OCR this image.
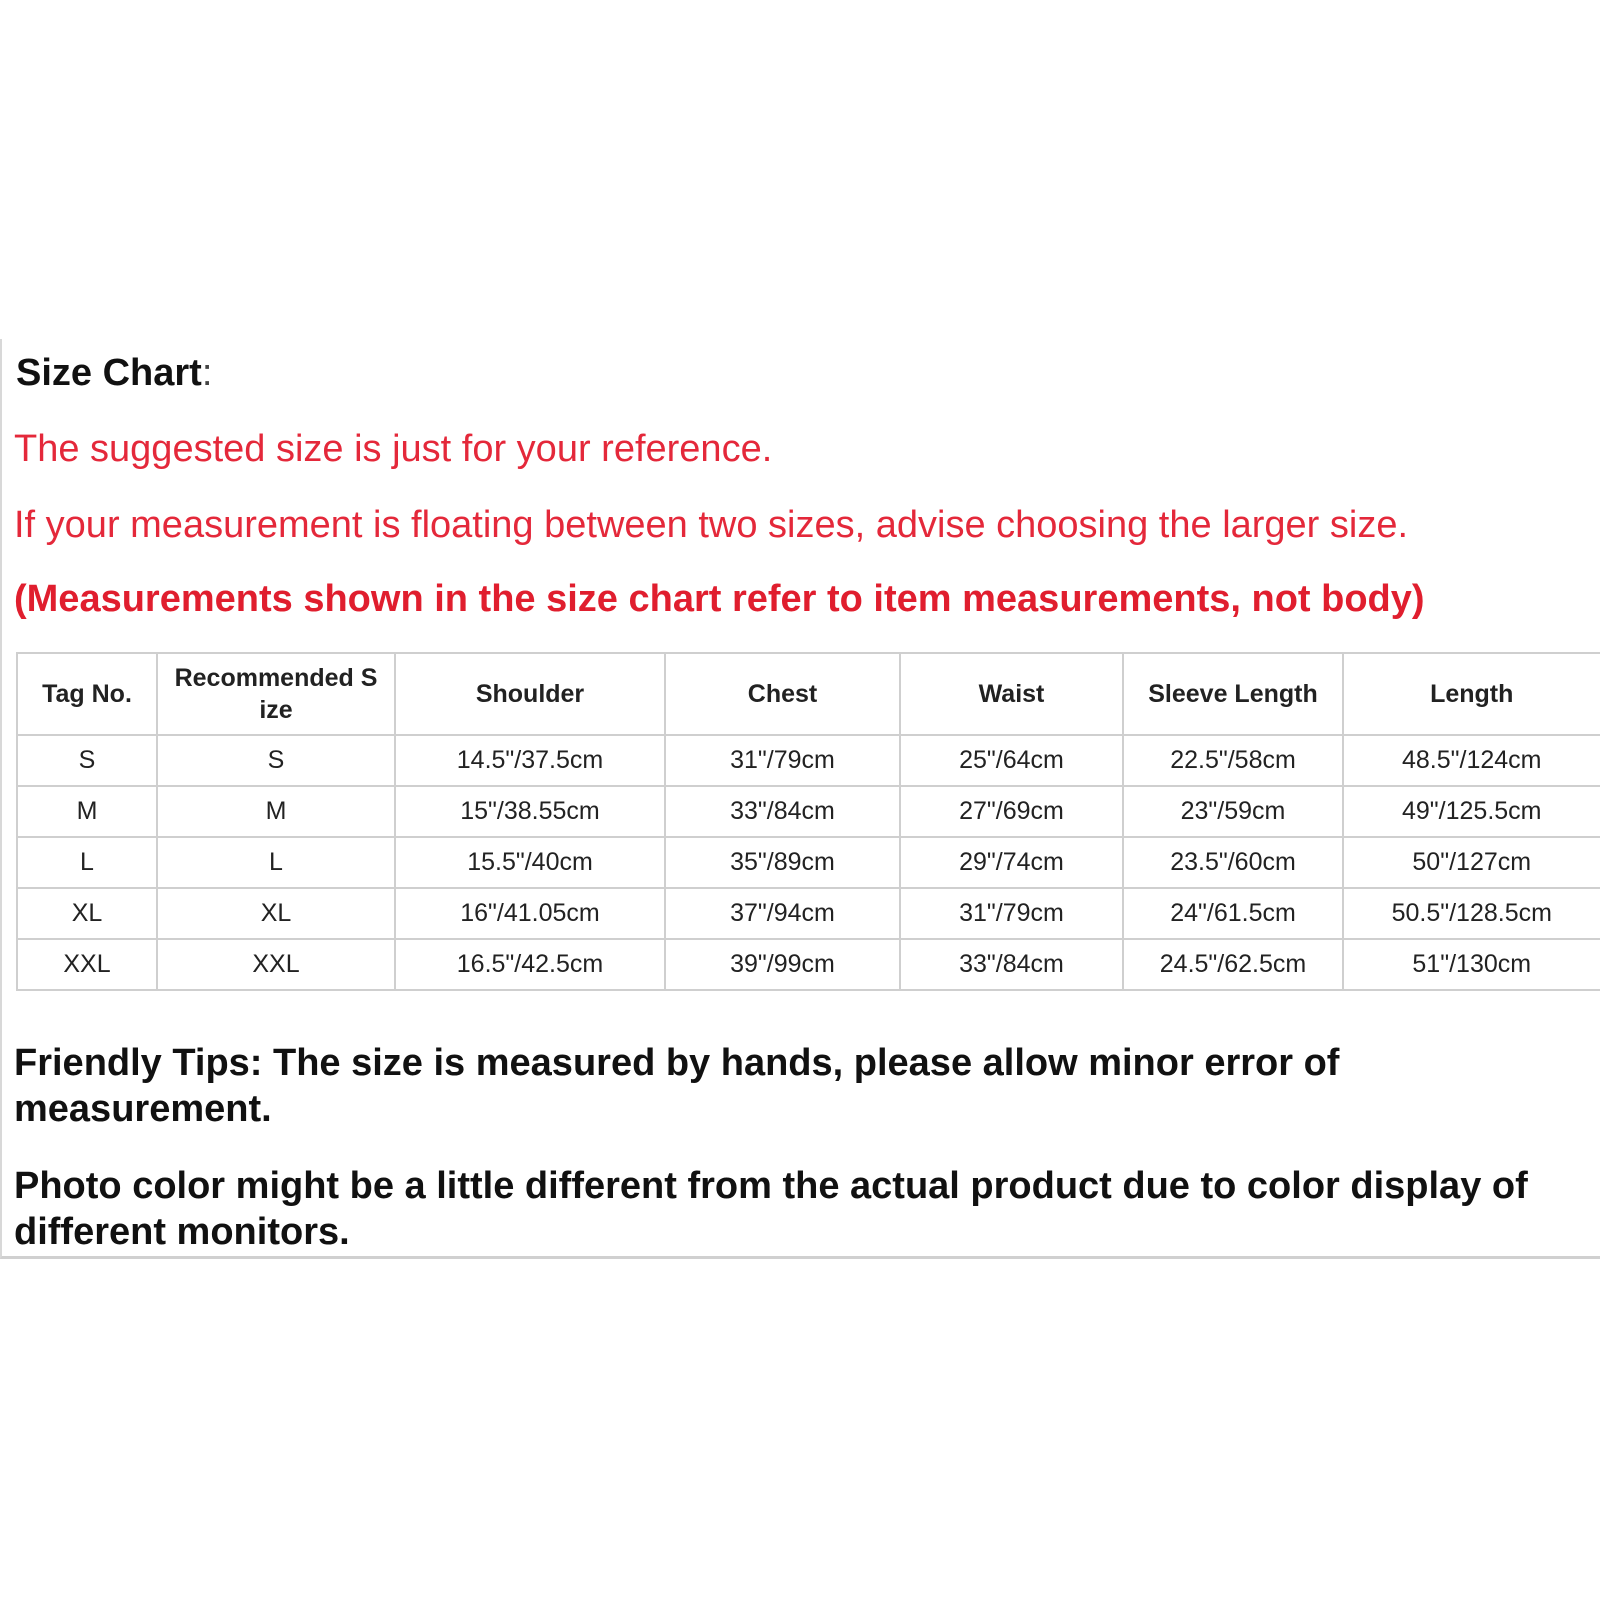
Size Chart:
The suggested size is just for your reference.
If your measurement is floating between two sizes, advise choosing the larger size.
(Measurements shown in the size chart refer to item measurements, not body)
Tag No.	Recommended S ize	Shoulder	Chest	Waist	Sleeve Length	Length
S	S	14.5"/37.5cm	31"/79cm	25"/64cm	22.5"/58cm	48.5"/124cm
M	M	15"/38.55cm	33"/84cm	27"/69cm	23"/59cm	49"/125.5cm
L	L	15.5"/40cm	35"/89cm	29"/74cm	23.5"/60cm	50"/127cm
XL	XL	16"/41.05cm	37"/94cm	31"/79cm	24"/61.5cm	50.5"/128.5cm
XXL	XXL	16.5"/42.5cm	39"/99cm	33"/84cm	24.5"/62.5cm	51"/130cm
Friendly Tips: The size is measured by hands, please allow minor error of measurement.
Photo color might be a little different from the actual product due to color display of different monitors.
